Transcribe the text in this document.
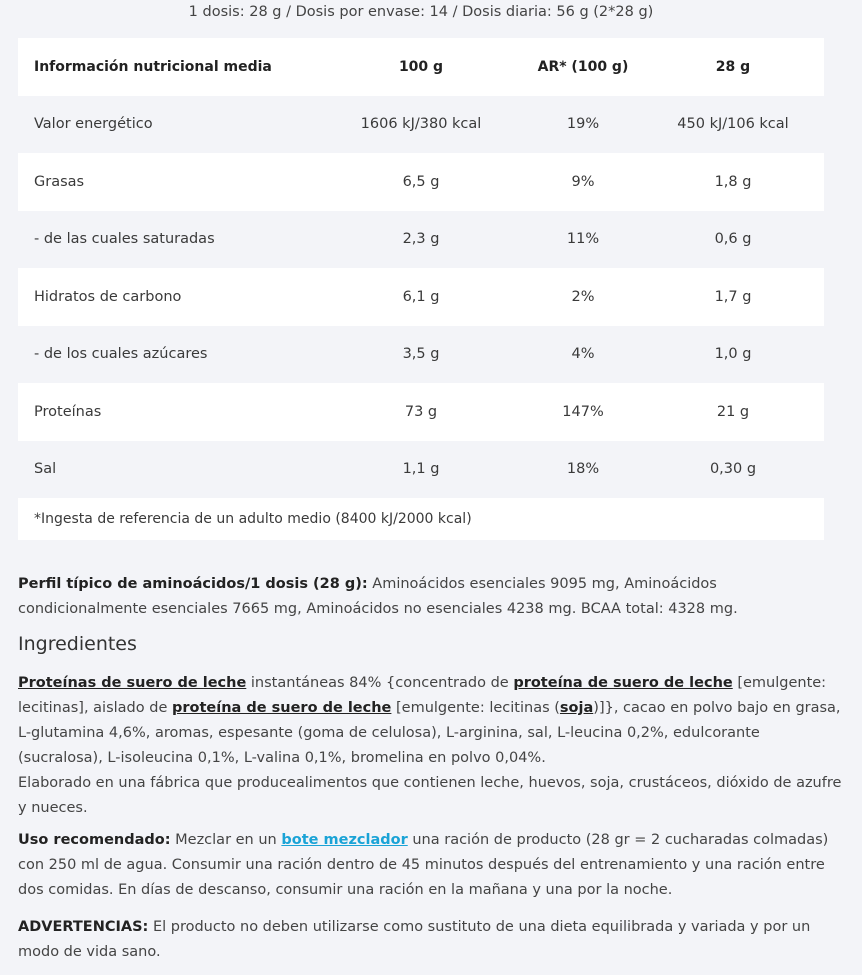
1 dosis: 28 g / Dosis por envase: 14 / Dosis diaria: 56 g (2*28 g)
Información nutricional media	100 g	AR* (100 g)	28 g
Valor energético	1606 kJ/380 kcal	19%	450 kJ/106 kcal
Grasas	6,5 g	9%	1,8 g
- de las cuales saturadas	2,3 g	11%	0,6 g
Hidratos de carbono	6,1 g	2%	1,7 g
- de los cuales azúcares	3,5 g	4%	1,0 g
Proteínas	73 g	147%	21 g
Sal	1,1 g	18%	0,30 g
*Ingesta de referencia de un adulto medio (8400 kJ/2000 kcal)
Perfil típico de aminoácidos/1 dosis (28 g): Aminoácidos esenciales 9095 mg, Aminoácidos condicionalmente esenciales 7665 mg, Aminoácidos no esenciales 4238 mg. BCAA total: 4328 mg.
Ingredientes
Proteínas de suero de leche instantáneas 84% {concentrado de proteína de suero de leche [emulgente: lecitinas], aislado de proteína de suero de leche [emulgente: lecitinas (soja)]}, cacao en polvo bajo en grasa, L-glutamina 4,6%, aromas, espesante (goma de celulosa), L-arginina, sal, L-leucina 0,2%, edulcorante (sucralosa), L-isoleucina 0,1%, L-valina 0,1%, bromelina en polvo 0,04%.
Elaborado en una fábrica que producealimentos que contienen leche, huevos, soja, crustáceos, dióxido de azufre y nueces.
Uso recomendado: Mezclar en un bote mezclador una ración de producto (28 gr = 2 cucharadas colmadas) con 250 ml de agua. Consumir una ración dentro de 45 minutos después del entrenamiento y una ración entre dos comidas. En días de descanso, consumir una ración en la mañana y una por la noche.
ADVERTENCIAS: El producto no deben utilizarse como sustituto de una dieta equilibrada y variada y por un modo de vida sano.
